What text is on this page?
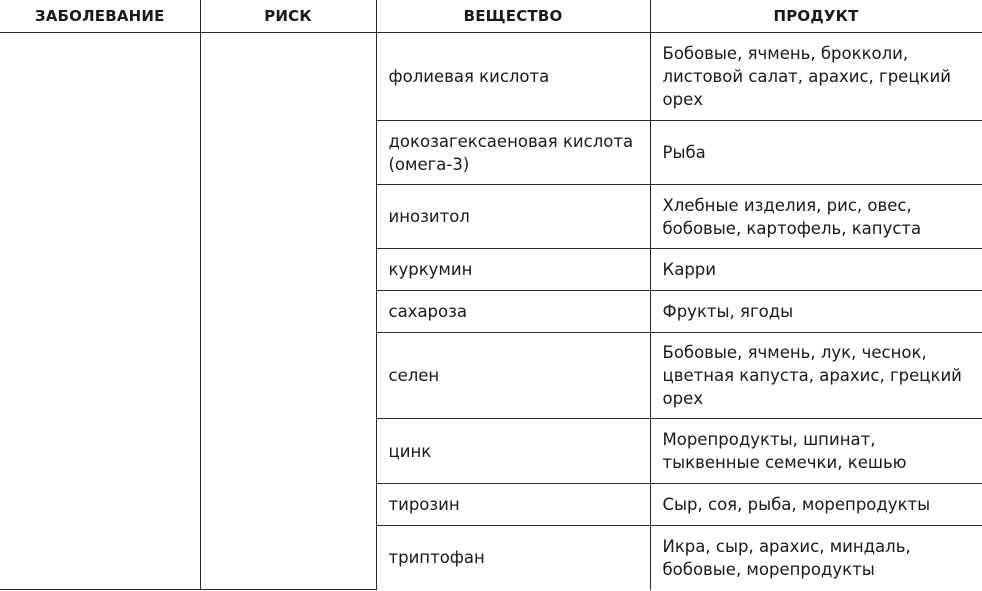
ЗАБОЛЕВАНИЕ	РИСК	ВЕЩЕСТВО	ПРОДУКТ
		фолиевая кислота	Бобовые, ячмень, брокколи, листовой салат, арахис, грецкий орех
		докозагексаеновая кислота (омега-3)	Рыба
		инозитол	Хлебные изделия, рис, овес, бобовые, картофель, капуста
		куркумин	Карри
		сахароза	Фрукты, ягоды
		селен	Бобовые, ячмень, лук, чеснок, цветная капуста, арахис, грецкий орех
		цинк	Морепродукты, шпинат, тыквенные семечки, кешью
		тирозин	Сыр, соя, рыба, морепродукты
		триптофан	Икра, сыр, арахис, миндаль, бобовые, морепродукты
